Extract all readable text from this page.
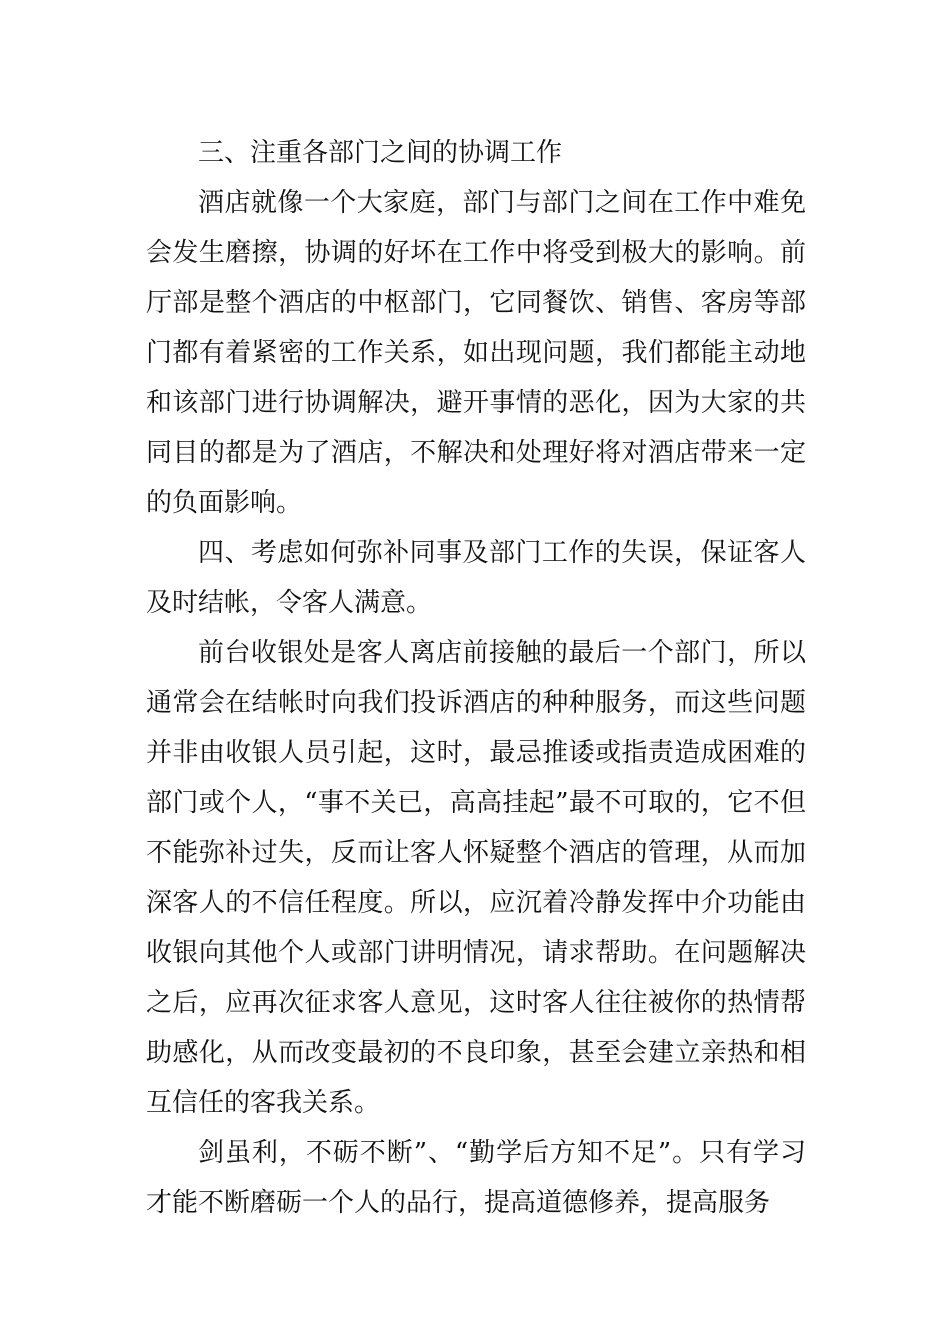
三、注重各部门之间的协调工作

酒店就像一个大家庭，部门与部门之间在工作中难免会发生磨擦，协调的好坏在工作中将受到极大的影响。前厅部是整个酒店的中枢部门，它同餐饮、销售、客房等部门都有着紧密的工作关系，如出现问题，我们都能主动地和该部门进行协调解决，避开事情的恶化，因为大家的共同目的都是为了酒店，不解决和处理好将对酒店带来一定的负面影响。

四、考虑如何弥补同事及部门工作的失误，保证客人及时结帐，令客人满意。

前台收银处是客人离店前接触的最后一个部门，所以通常会在结帐时向我们投诉酒店的种种服务，而这些问题并非由收银人员引起，这时，最忌推诿或指责造成困难的部门或个人，“事不关已，高高挂起”最不可取的，它不但不能弥补过失，反而让客人怀疑整个酒店的管理，从而加深客人的不信任程度。所以，应沉着冷静发挥中介功能由收银向其他个人或部门讲明情况，请求帮助。在问题解决之后，应再次征求客人意见，这时客人往往被你的热情帮助感化，从而改变最初的不良印象，甚至会建立亲热和相互信任的客我关系。

剑虽利，不砺不断”、“勤学后方知不足”。只有学习才能不断磨砺一个人的品行，提高道德修养，提高服务
